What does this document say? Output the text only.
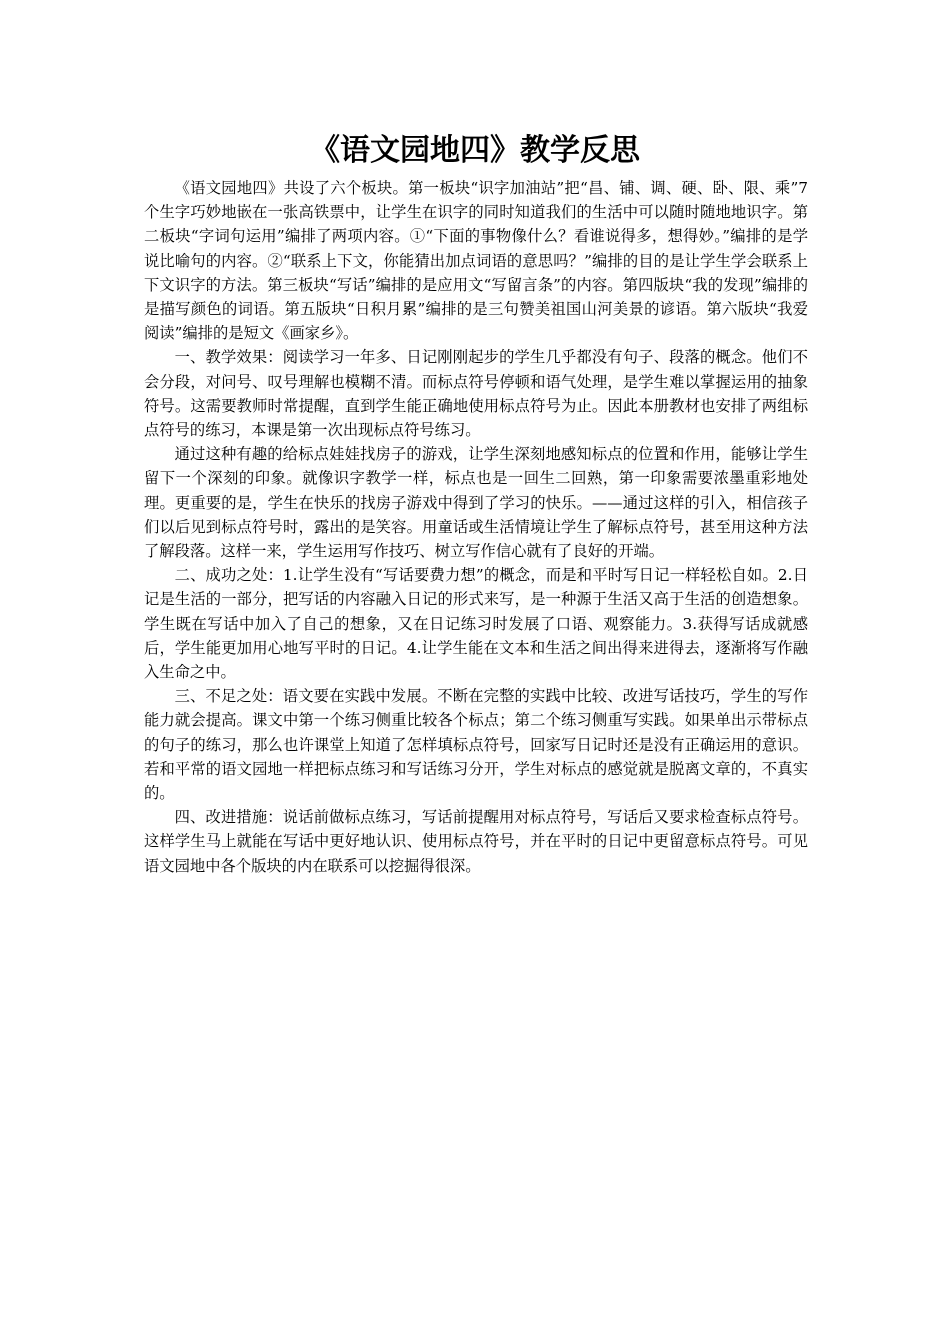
《语文园地四》教学反思

《语文园地四》共设了六个板块。第一板块“识字加油站”把“昌、铺、调、硬、卧、限、乘”7个生字巧妙地嵌在一张高铁票中，让学生在识字的同时知道我们的生活中可以随时随地地识字。第二板块“字词句运用”编排了两项内容。①“下面的事物像什么？看谁说得多，想得妙。”编排的是学说比喻句的内容。②“联系上下文，你能猜出加点词语的意思吗？”编排的目的是让学生学会联系上下文识字的方法。第三板块“写话”编排的是应用文“写留言条”的内容。第四版块“我的发现”编排的是描写颜色的词语。第五版块“日积月累”编排的是三句赞美祖国山河美景的谚语。第六版块“我爱阅读”编排的是短文《画家乡》。

一、教学效果：阅读学习一年多、日记刚刚起步的学生几乎都没有句子、段落的概念。他们不会分段，对问号、叹号理解也模糊不清。而标点符号停顿和语气处理，是学生难以掌握运用的抽象符号。这需要教师时常提醒，直到学生能正确地使用标点符号为止。因此本册教材也安排了两组标点符号的练习，本课是第一次出现标点符号练习。

通过这种有趣的给标点娃娃找房子的游戏，让学生深刻地感知标点的位置和作用，能够让学生留下一个深刻的印象。就像识字教学一样，标点也是一回生二回熟，第一印象需要浓墨重彩地处理。更重要的是，学生在快乐的找房子游戏中得到了学习的快乐。——通过这样的引入，相信孩子们以后见到标点符号时，露出的是笑容。用童话或生活情境让学生了解标点符号，甚至用这种方法了解段落。这样一来，学生运用写作技巧、树立写作信心就有了良好的开端。

二、成功之处：1.让学生没有“写话要费力想”的概念，而是和平时写日记一样轻松自如。2.日记是生活的一部分，把写话的内容融入日记的形式来写，是一种源于生活又高于生活的创造想象。学生既在写话中加入了自己的想象，又在日记练习时发展了口语、观察能力。3.获得写话成就感后，学生能更加用心地写平时的日记。4.让学生能在文本和生活之间出得来进得去，逐渐将写作融入生命之中。

三、不足之处：语文要在实践中发展。不断在完整的实践中比较、改进写话技巧，学生的写作能力就会提高。课文中第一个练习侧重比较各个标点；第二个练习侧重写实践。如果单出示带标点的句子的练习，那么也许课堂上知道了怎样填标点符号，回家写日记时还是没有正确运用的意识。若和平常的语文园地一样把标点练习和写话练习分开，学生对标点的感觉就是脱离文章的，不真实的。

四、改进措施：说话前做标点练习，写话前提醒用对标点符号，写话后又要求检查标点符号。这样学生马上就能在写话中更好地认识、使用标点符号，并在平时的日记中更留意标点符号。可见语文园地中各个版块的内在联系可以挖掘得很深。
